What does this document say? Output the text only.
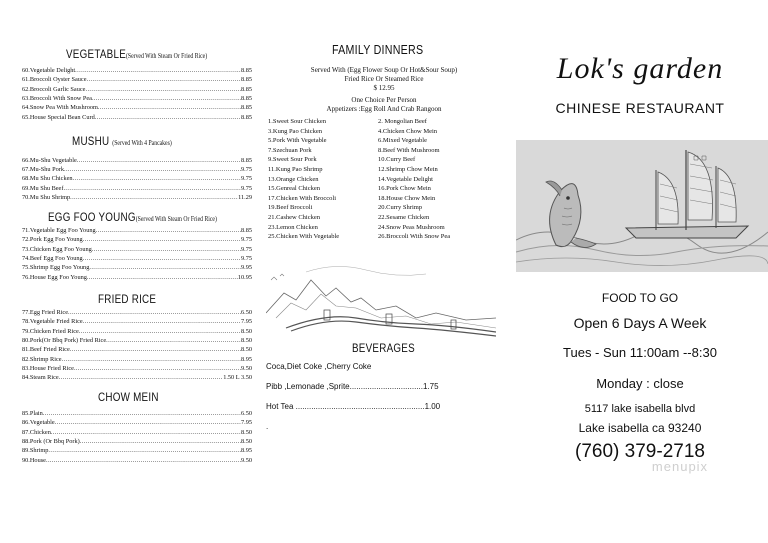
VEGETABLE(Served With Steam Or Fried Rice)
60.Vegetable Delight .....	8.85
61.Broccoli Oyster Sauce .....	8.85
62.Broccoli Garlic Sauce .....	8.85
63.Broccoli With Snow Pea .....	8.85
64.Snow Pea With Mushroom .....	8.85
65.House Special Bean Curd .....	8.85
MUSHU (Served With 4 Pancakes)
66.Mu-Shu Vegetable .....	8.85
67.Mu-Shu Pork .....	9.75
68.Mu Shu Chicken .....	9.75
69.Mu Shu Beef .....	9.75
70.Mu Shu Shrimp .....	11.29
EGG FOO YOUNG(Served With Steam Or Fried Rice)
71.Vegetable Egg Foo Young .....	8.85
72.Pork Egg Foo Young .....	9.75
73.Chicken Egg Foo Young .....	9.75
74.Beef Egg Foo Young .....	9.75
75.Shrimp Egg Foo Young .....	9.95
76.House Egg Foo Young .....	10.95
FRIED RICE
77.Egg Fried Rice .....	6.50
78.Vegetable Fried Rice .....	7.95
79.Chicken Fried Rice .....	8.50
80.Pork(Or Bbq Pork) Fried Rice .....	8.50
81.Beef Fried Rice .....	8.50
82.Shrimp Rice .....	8.95
83.House Fried Rice .....	9.50
84.Steam Rice .....	1.50 L 3.50
CHOW MEIN
85.Plain .....	6.50
86.Vegetable .....	7.95
87.Chicken .....	8.50
88.Pork (Or Bbq Pork) .....	8.50
89.Shrimp .....	8.95
90.House .....	9.50
FAMILY DINNERS
Served With (Egg Flower Soup Or Hot&Sour Soup)
Fried Rice Or Steamed Rice
$ 12.95
One Choice Per Person
Appetizers :Egg Roll And Crab Rangoon
1.Sweet Sour Chicken
3.Kung Pao Chicken
5.Pork With Vegetable
7.Szechuan Pork
9.Sweet Sour Pork
11.Kung Pao Shrimp
13.Orange Chicken
15.Genreal Chicken
17.Chicken With Broccoli
19.Beef Broccoli
21.Cashew Chicken
23.Lemon Chicken
25.Chicken With Vegetable
2. Mongolian Beef
4.Chicken Chow Mein
6.Mixed Vegetable
8.Beef With Mushroom
10.Curry Beef
12.Shrimp Chow Mein
14.Vegetable Delight
16.Pork Chow Mein
18.House Chow Mein
20.Curry Shrimp
22.Sesame Chicken
24.Snow Peas Mushroom
26.Broccoli With Snow Pea
BEVERAGES
Coca,Diet Coke ,Cherry Coke
Pibb ,Lemonade ,Sprite.................................1.75
Hot Tea ..........................................................1.00
.
Lok's garden
CHINESE RESTAURANT
FOOD TO GO
Open 6 Days A Week
Tues - Sun 11:00am --8:30
Monday : close
5117 lake isabella blvd
Lake isabella ca 93240
(760) 379-2718
menupix
